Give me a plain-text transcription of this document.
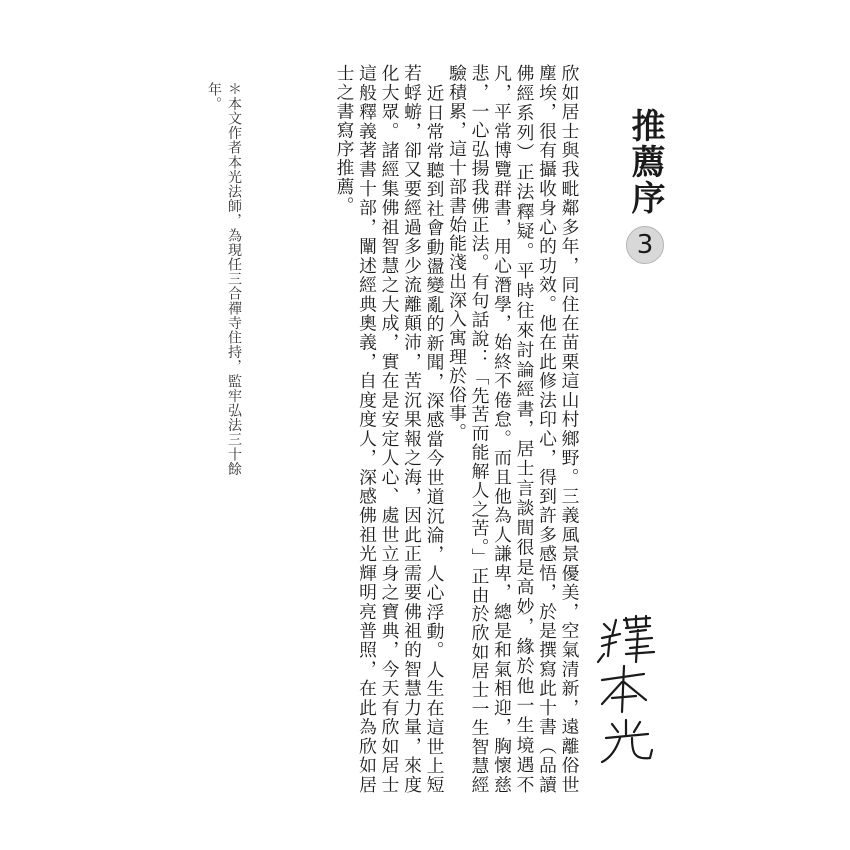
推薦序
3

欣如居士與我毗鄰多年，同住在苗栗這山村鄉野。三義風景優美，空氣清新，遠離俗世塵埃，很有攝收身心的功效。他在此修法印心，得到許多感悟，於是撰寫此十書（品讀佛經系列）正法釋疑。平時往來討論經書，居士言談間很是高妙，緣於他一生境遇不凡，平常博覽群書，用心潛學，始終不倦怠。而且他為人謙卑，總是和氣相迎，胸懷慈悲，一心弘揚我佛正法。有句話說：「先苦而能解人之苦。」正由於欣如居士一生智慧經驗積累，這十部書始能淺出深入寓理於俗事。

近日常常聽到社會動盪變亂的新聞，深感當今世道沉淪，人心浮動。人生在這世上短若蜉蝣，卻又要經過多少流離顛沛，苦沉果報之海，因此正需要佛祖的智慧力量，來度化大眾。諸經集佛祖智慧之大成，實在是安定人心、處世立身之寶典，今天有欣如居士這般釋義著書十部，闡述經典奧義，自度度人，深感佛祖光輝明亮普照，在此為欣如居士之書寫序推薦。

＊本文作者本光法師，為現任三合禪寺住持，監牢弘法三十餘年。
